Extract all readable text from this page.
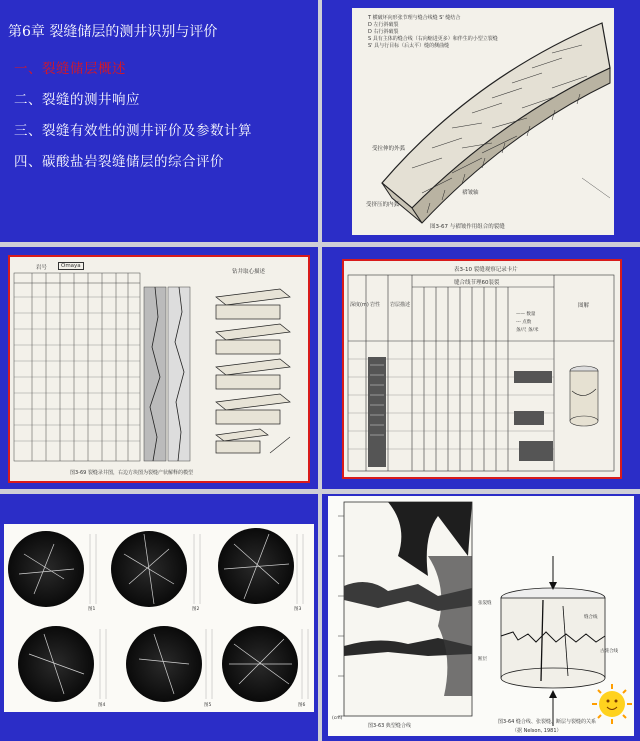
第6章 裂缝储层的测井识别与评价
一、裂缝储层概述
二、裂缝的测井响应
三、裂缝有效性的测井评价及参数计算
四、碳酸盐岩裂缝储层的综合评价
T 横破坏向形张节理与缝合线缝 S' 缝结合
D 左行斜破裂
D 右行斜破裂
S 具有主体的缝合线（右向缩进更多）和伴生的小型立裂缝
S' 具与行目标（后太平）缝的侧曲缝
受拉伸的外弧
褶皱轴
受挤压的内弧
图3-67 与褶皱作用组合的裂缝
岩号	Omaya
钻井取心描述
图3-69 裂缝录井图，右边方块图为裂缝产状解释的模型
表3-10 裂缝观察记录卡片
缝合线节理60装裂
深度(m) 岩性 岩层描述	图解
—— 数量
--- 点数
条/尺 条/米
图1	图2	图3
图4	图5	图6
(cm)
图3-63 典型缝合线
图3-64 缝合线、张裂缝、断层与裂缝的关系
（据 Nelson, 1981）
张裂缝
缝合线
断层
古缝合线
